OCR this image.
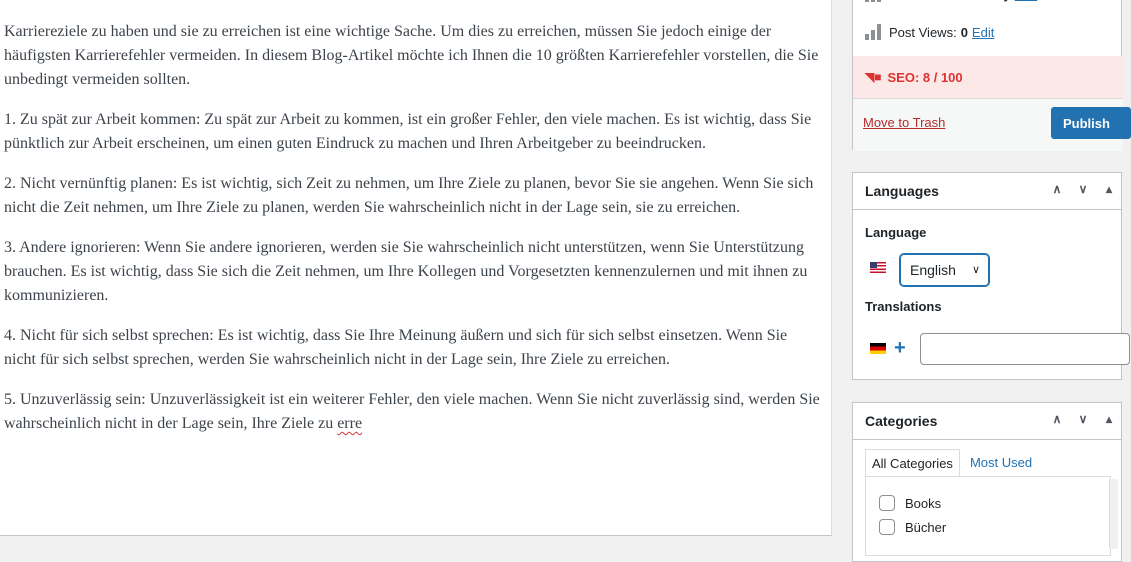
Karriereziele zu haben und sie zu erreichen ist eine wichtige Sache. Um dies zu erreichen, müssen Sie jedoch einige der häufigsten Karrierefehler vermeiden. In diesem Blog-Artikel möchte ich Ihnen die 10 größten Karrierefehler vorstellen, die Sie unbedingt vermeiden sollten.

1. Zu spät zur Arbeit kommen: Zu spät zur Arbeit zu kommen, ist ein großer Fehler, den viele machen. Es ist wichtig, dass Sie pünktlich zur Arbeit erscheinen, um einen guten Eindruck zu machen und Ihren Arbeitgeber zu beeindrucken.

2. Nicht vernünftig planen: Es ist wichtig, sich Zeit zu nehmen, um Ihre Ziele zu planen, bevor Sie sie angehen. Wenn Sie sich nicht die Zeit nehmen, um Ihre Ziele zu planen, werden Sie wahrscheinlich nicht in der Lage sein, sie zu erreichen.

3. Andere ignorieren: Wenn Sie andere ignorieren, werden sie Sie wahrscheinlich nicht unterstützen, wenn Sie Unterstützung brauchen. Es ist wichtig, dass Sie sich die Zeit nehmen, um Ihre Kollegen und Vorgesetzten kennenzulernen und mit ihnen zu kommunizieren.

4. Nicht für sich selbst sprechen: Es ist wichtig, dass Sie Ihre Meinung äußern und sich für sich selbst einsetzen. Wenn Sie nicht für sich selbst sprechen, werden Sie wahrscheinlich nicht in der Lage sein, Ihre Ziele zu erreichen.

5. Unzuverlässig sein: Unzuverlässigkeit ist ein weiterer Fehler, den viele machen. Wenn Sie nicht zuverlässig sind, werden Sie wahrscheinlich nicht in der Lage sein, Ihre Ziele zu erre

Post Views: 0 Edit
◥■ SEO: 8 / 100
Move to Trash	Publish
Languages	∧	∨	▴
Language
English ∨
Translations
+
Categories	∧	∨	▴
All Categories	Most Used
Books
Bücher
